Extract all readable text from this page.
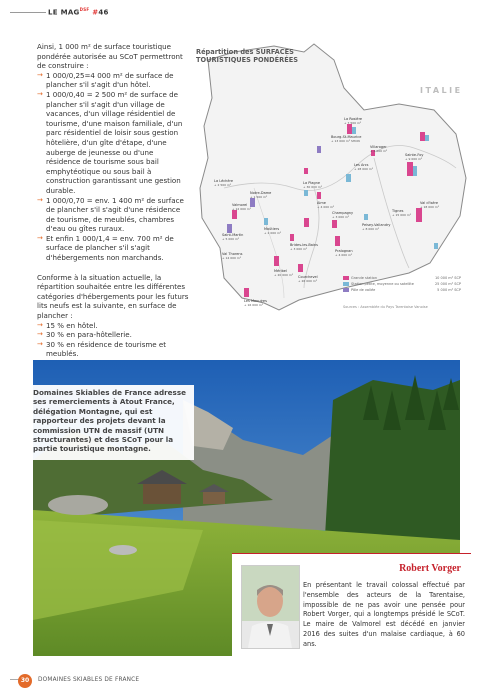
LE $MAG^{DSF}$ #46

Ainsi, 1 000 m² de surface touristique pondérée autorisée au SCoT permettront de construire :

→ 1 000/0,25=4 000 m² de surface de plancher s'il s'agit d'un hôtel.
→ 1 000/0,40 = 2 500 m² de surface de plancher s'il s'agit d'un village de vacances, d'un village résidentiel de tourisme, d'une maison familiale, d'un parc résidentiel de loisir sous gestion hôtelière, d'un gîte d'étape, d'une auberge de jeunesse ou d'une résidence de tourisme sous bail emphytéotique ou sous bail à construction garantissant une gestion durable.
→ 1 000/0,70 = env. 1 400 m² de surface de plancher s'il s'agit d'une résidence de tourisme, de meublés, chambres d'eau ou gîtes ruraux.
→ Et enfin 1 000/1,4 = env. 700 m² de surface de plancher s'il s'agit d'hébergements non marchands.

Conforme à la situation actuelle, la répartition souhaitée entre les différentes catégories d'hébergements pour les futurs lits neufs est la suivante, en surface de plancher :

→ 15 % en hôtel.
→ 30 % en para-hôtellerie.
→ 30 % en résidence de tourisme et meublés.
→
Bourg-St-Maurice
+ 13 000 m² SHON
Les Arcs
+ 28 000 m²
La Rosière
+ 7 500 m²
Tignes
+ 15 000 m²
Val d'Isère
+ 18 000 m²
Sainte-Foy
+ 9 000 m²
La Plagne
+ 30 000 m²
Champagny
+ 3 000 m²
Pralognan
+ 4 000 m²
Courchevel
+ 26 000 m²
Méribel
+ 20 000 m²
Moûtiers
+ 2 000 m²
Valmorel
+ 12 000 m²
Les Menuires
+ 16 000 m²
Val Thorens
+ 14 000 m²
Saint-Martin
+ 5 000 m²
Brides-les-Bains
+ 3 000 m²
Aime
+ 4 000 m²
Peisey-Vallandry
+ 8 000 m²
La Léchère
+ 2 500 m²
Notre-Dame
+ 1 500 m²
Villaroger
+ 2 000 m²
Répartition des SURFACES TOURISTIQUES PONDÉRÉES
ITALIE
Grande station	10 000 m² SCP
Station petite, moyenne ou satellite	25 000 m² SCP
Pôle de vallée	5 000 m² SCP
Sources : Assemblée du Pays Tarentaise Vanoise
Domaines Skiables de France adresse ses remerciements à Atout France, délégation Montagne, qui est rapporteur des projets devant la commission UTN de massif (UTN structurantes) et des SCoT pour la partie touristique montagne.
Robert Vorger
En présentant le travail colossal effectué par l'ensemble des acteurs de la Tarentaise, impossible de ne pas avoir une pensée pour Robert Vorger, qui a longtemps présidé le SCoT. Le maire de Valmorel est décédé en janvier 2016 des suites d'un malaise cardiaque, à 60 ans.
30	DOMAINES SKIABLES DE FRANCE
